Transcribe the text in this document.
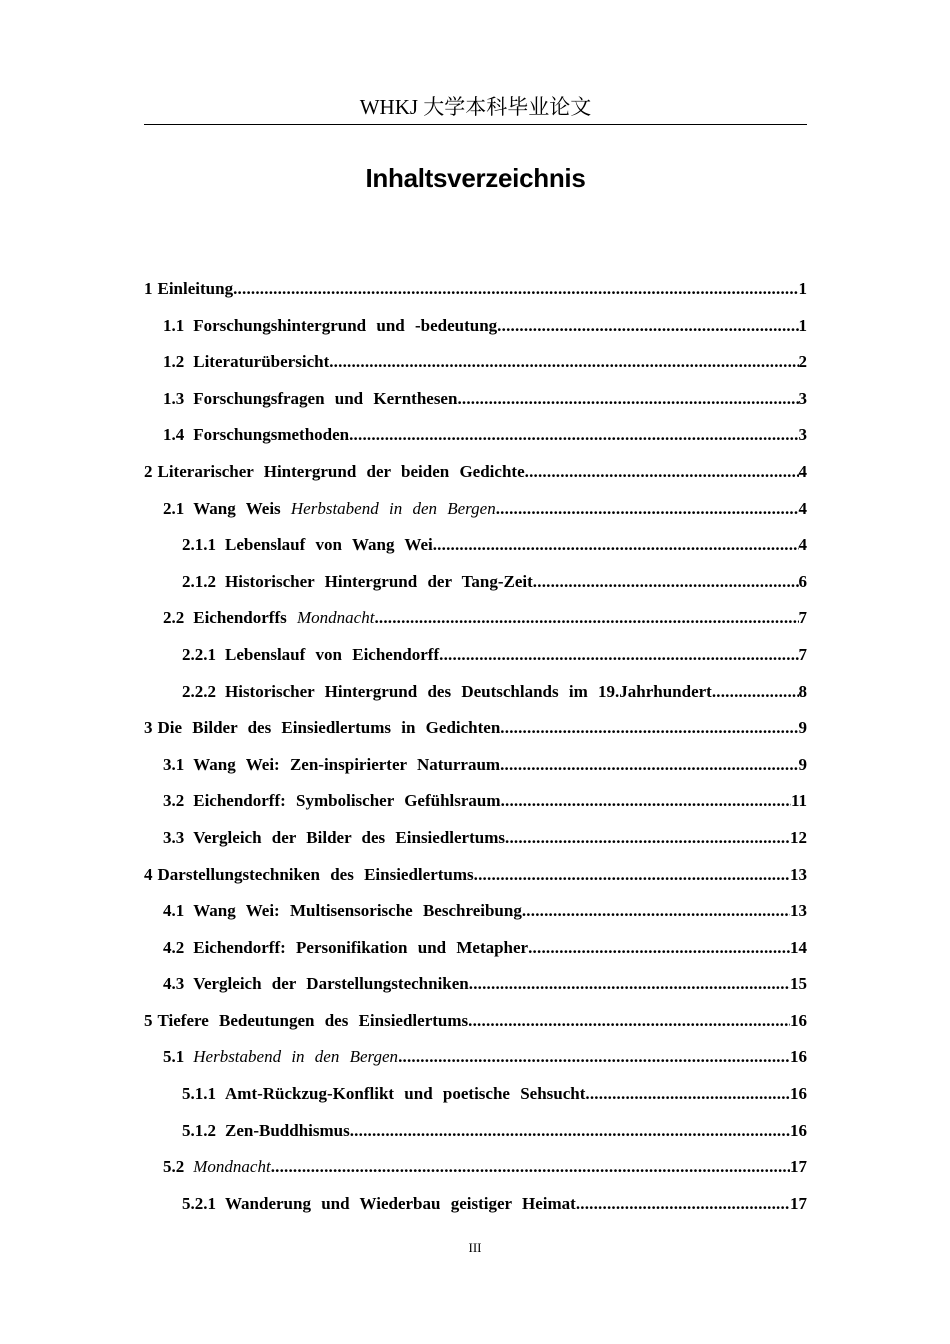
WHKJ 大学本科毕业论文
Inhaltsverzeichnis
1 Einleitung .....	1
1.1 Forschungshintergrund und -bedeutung .....	1
1.2 Literaturübersicht .....	2
1.3 Forschungsfragen und Kernthesen .....	3
1.4 Forschungsmethoden .....	3
2 Literarischer Hintergrund der beiden Gedichte .....	4
2.1 Wang Weis Herbstabend in den Bergen .....	4
2.1.1 Lebenslauf von Wang Wei .....	4
2.1.2 Historischer Hintergrund der Tang-Zeit .....	6
2.2 Eichendorffs Mondnacht .....	7
2.2.1 Lebenslauf von Eichendorff .....	7
2.2.2 Historischer Hintergrund des Deutschlands im 19.Jahrhundert .....	8
3 Die Bilder des Einsiedlertums in Gedichten .....	9
3.1 Wang Wei: Zen-inspirierter Naturraum .....	9
3.2 Eichendorff: Symbolischer Gefühlsraum .....	11
3.3 Vergleich der Bilder des Einsiedlertums .....	12
4 Darstellungstechniken des Einsiedlertums .....	13
4.1 Wang Wei: Multisensorische Beschreibung .....	13
4.2 Eichendorff: Personifikation und Metapher .....	14
4.3 Vergleich der Darstellungstechniken .....	15
5 Tiefere Bedeutungen des Einsiedlertums .....	16
5.1 Herbstabend in den Bergen .....	16
5.1.1 Amt-Rückzug-Konflikt und poetische Sehsucht .....	16
5.1.2 Zen-Buddhismus .....	16
5.2 Mondnacht .....	17
5.2.1 Wanderung und Wiederbau geistiger Heimat .....	17
III
